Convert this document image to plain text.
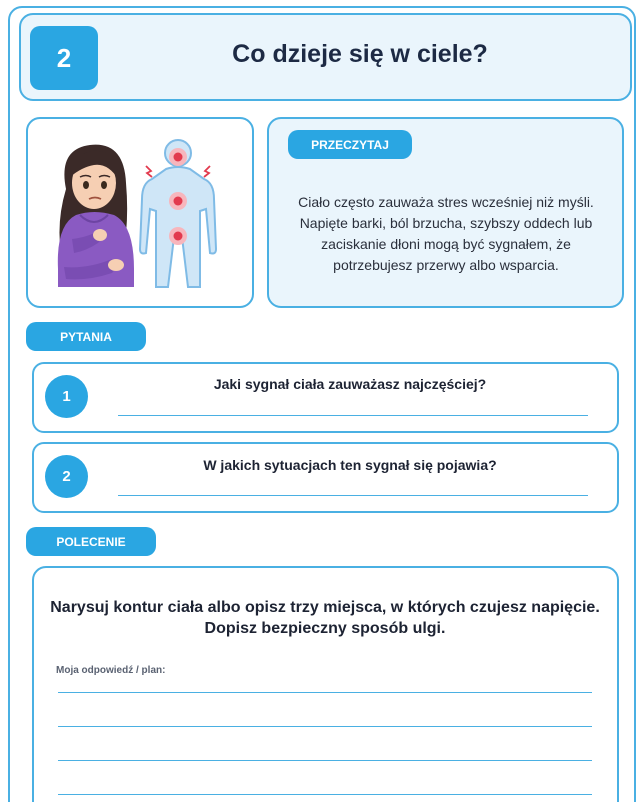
2	Co dzieje się w ciele?
PRZECZYTAJ
Ciało często zauważa stres wcześniej niż myśli. Napięte barki, ból brzucha, szybszy oddech lub zaciskanie dłoni mogą być sygnałem, że potrzebujesz przerwy albo wsparcia.
PYTANIA
1
Jaki sygnał ciała zauważasz najczęściej?
2
W jakich sytuacjach ten sygnał się pojawia?
POLECENIE
Narysuj kontur ciała albo opisz trzy miejsca, w których czujesz napięcie. Dopisz bezpieczny sposób ulgi.
Moja odpowiedź / plan:
